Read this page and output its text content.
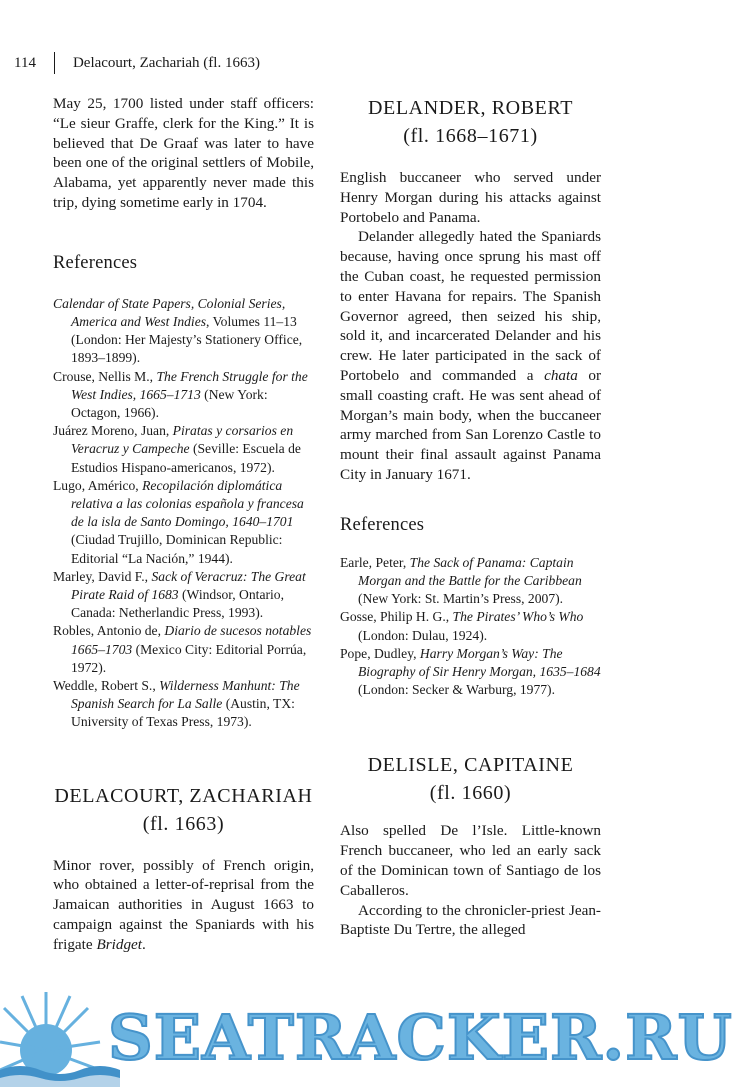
114 Delacourt, Zachariah (fl. 1663)

May 25, 1700 listed under staff officers: “Le sieur Graffe, clerk for the King.” It is believed that De Graaf was later to have been one of the original settlers of Mobile, Alabama, yet apparently never made this trip, dying sometime early in 1704.

References

Calendar of State Papers, Colonial Series, America and West Indies, Volumes 11–13 (London: Her Majesty’s Stationery Office, 1893–1899).

Crouse, Nellis M., The French Struggle for the West Indies, 1665–1713 (New York: Octagon, 1966).

Juárez Moreno, Juan, Piratas y corsarios en Veracruz y Campeche (Seville: Escuela de Estudios Hispano-americanos, 1972).

Lugo, Américo, Recopilación diplomática relativa a las colonias española y francesa de la isla de Santo Domingo, 1640–1701 (Ciudad Trujillo, Dominican Republic: Editorial “La Nación,” 1944).

Marley, David F., Sack of Veracruz: The Great Pirate Raid of 1683 (Windsor, Ontario, Canada: Netherlandic Press, 1993).

Robles, Antonio de, Diario de sucesos notables 1665–1703 (Mexico City: Editorial Porrúa, 1972).

Weddle, Robert S., Wilderness Manhunt: The Spanish Search for La Salle (Austin, TX: University of Texas Press, 1973).

DELACOURT, ZACHARIAH
(fl. 1663)

Minor rover, possibly of French origin, who obtained a letter-of-reprisal from the Jamaican authorities in August 1663 to campaign against the Spaniards with his frigate Bridget.

DELANDER, ROBERT
(fl. 1668–1671)

English buccaneer who served under Henry Morgan during his attacks against Portobelo and Panama.

Delander allegedly hated the Spaniards because, having once sprung his mast off the Cuban coast, he requested permission to enter Havana for repairs. The Spanish Governor agreed, then seized his ship, sold it, and incarcerated Delander and his crew. He later participated in the sack of Portobelo and commanded a chata or small coasting craft. He was sent ahead of Morgan’s main body, when the buccaneer army marched from San Lorenzo Castle to mount their final assault against Panama City in January 1671.

References

Earle, Peter, The Sack of Panama: Captain Morgan and the Battle for the Caribbean (New York: St. Martin’s Press, 2007).

Gosse, Philip H. G., The Pirates’ Who’s Who (London: Dulau, 1924).

Pope, Dudley, Harry Morgan’s Way: The Biography of Sir Henry Morgan, 1635–1684 (London: Secker & Warburg, 1977).

DELISLE, CAPITAINE
(fl. 1660)

Also spelled De l’Isle. Little-known French buccaneer, who led an early sack of the Dominican town of Santiago de los Caballeros.

According to the chronicler-priest Jean-Baptiste Du Tertre, the alleged

SEATRACKER.RU
